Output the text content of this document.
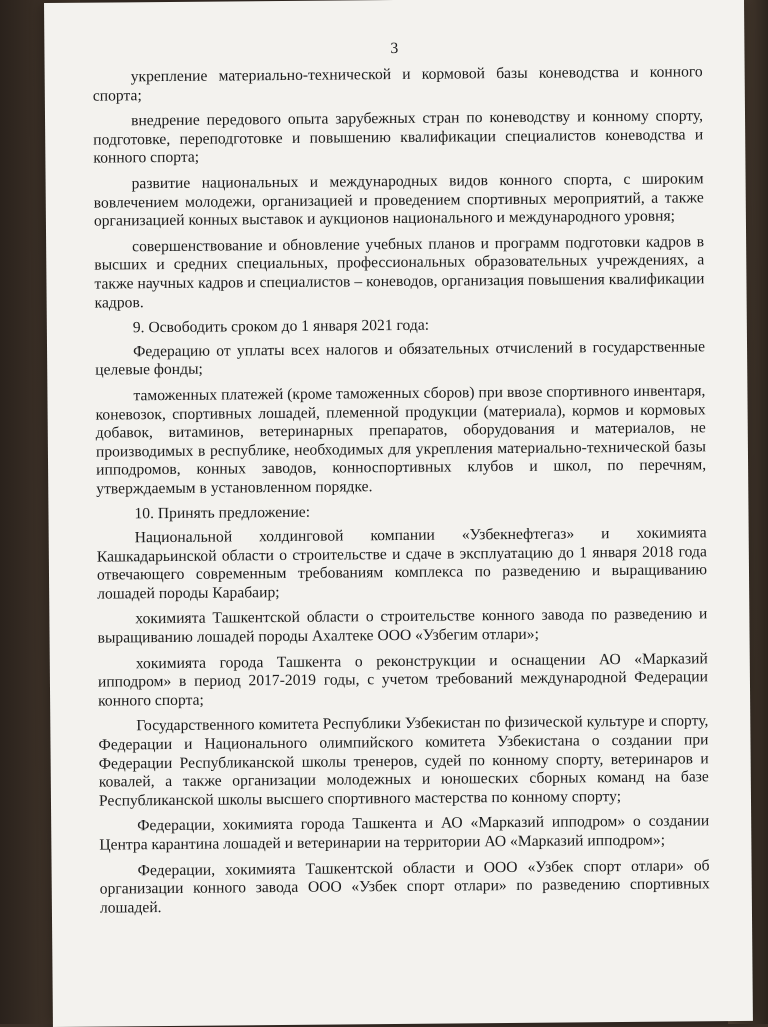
3

укрепление материально-технической и кормовой базы коневодства и конного спорта;

внедрение передового опыта зарубежных стран по коневодству и конному спорту, подготовке, переподготовке и повышению квалификации специалистов коневодства и конного спорта;

развитие национальных и международных видов конного спорта, с широким вовлечением молодежи, организацией и проведением спортивных мероприятий, а также организацией конных выставок и аукционов национального и международного уровня;

совершенствование и обновление учебных планов и программ подготовки кадров в высших и средних специальных, профессиональных образовательных учреждениях, а также научных кадров и специалистов – коневодов, организация повышения квалификации кадров.

9. Освободить сроком до 1 января 2021 года:

Федерацию от уплаты всех налогов и обязательных отчислений в государственные целевые фонды;

таможенных платежей (кроме таможенных сборов) при ввозе спортивного инвентаря, коневозок, спортивных лошадей, племенной продукции (материала), кормов и кормовых добавок, витаминов, ветеринарных препаратов, оборудования и материалов, не производимых в республике, необходимых для укрепления материально-технической базы ипподромов, конных заводов, конноспортивных клубов и школ, по перечням, утверждаемым в установленном порядке.

10. Принять предложение:

Национальной холдинговой компании «Узбекнефтегаз» и хокимията Кашкадарьинской области о строительстве и сдаче в эксплуатацию до 1 января 2018 года отвечающего современным требованиям комплекса по разведению и выращиванию лошадей породы Карабаир;

хокимията Ташкентской области о строительстве конного завода по разведению и выращиванию лошадей породы Ахалтеке ООО «Узбегим отлари»;

хокимията города Ташкента о реконструкции и оснащении АО «Марказий ипподром» в период 2017-2019 годы, с учетом требований международной Федерации конного спорта;

Государственного комитета Республики Узбекистан по физической культуре и спорту, Федерации и Национального олимпийского комитета Узбекистана о создании при Федерации Республиканской школы тренеров, судей по конному спорту, ветеринаров и ковалей, а также организации молодежных и юношеских сборных команд на базе Республиканской школы высшего спортивного мастерства по конному спорту;

Федерации, хокимията города Ташкента и АО «Марказий ипподром» о создании Центра карантина лошадей и ветеринарии на территории АО «Марказий ипподром»;

Федерации, хокимията Ташкентской области и ООО «Узбек спорт отлари» об организации конного завода ООО «Узбек спорт отлари» по разведению спортивных лошадей.
